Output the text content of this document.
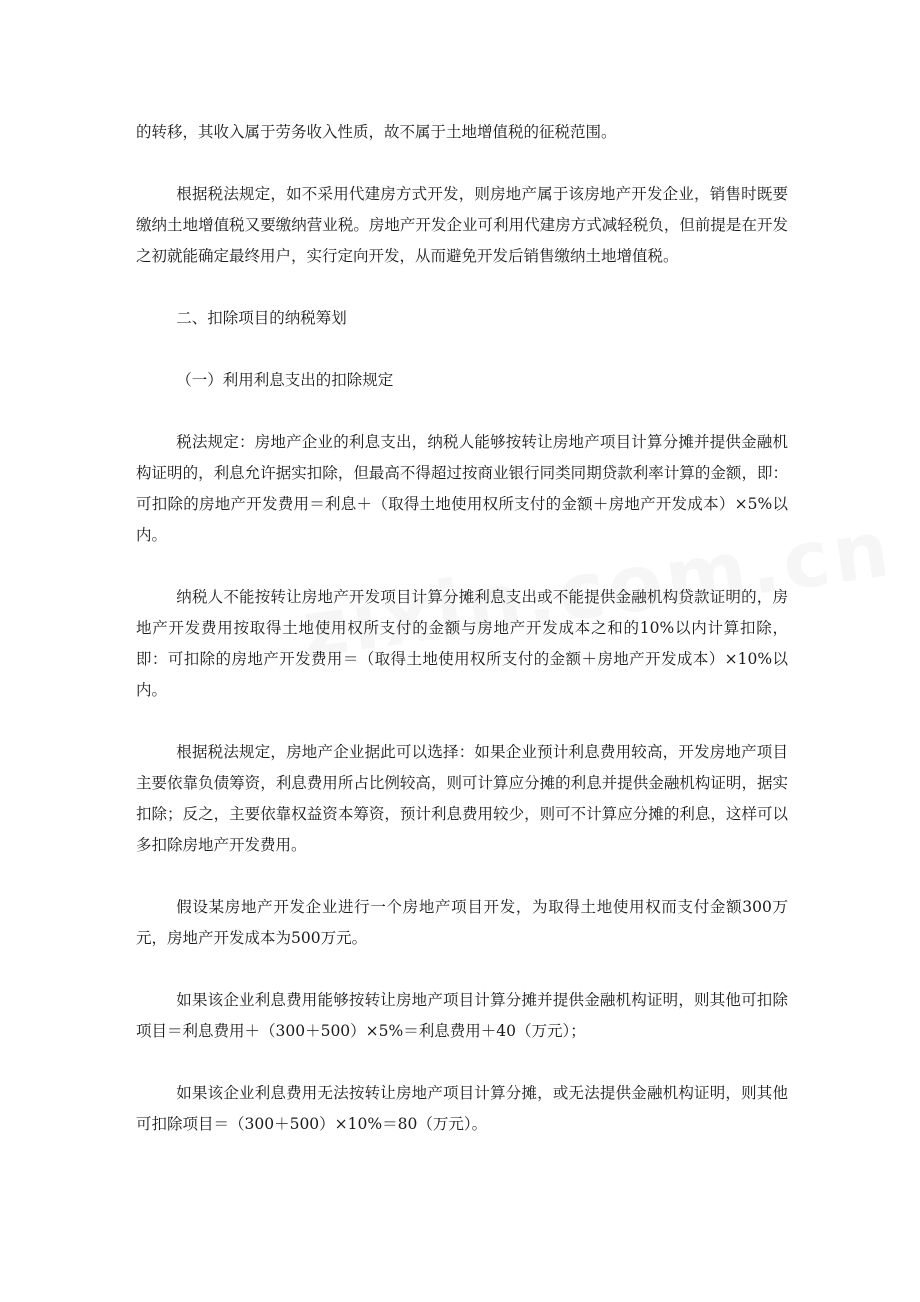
的转移，其收入属于劳务收入性质，故不属于土地增值税的征税范围。

根据税法规定，如不采用代建房方式开发，则房地产属于该房地产开发企业，销售时既要缴纳土地增值税又要缴纳营业税。房地产开发企业可利用代建房方式减轻税负，但前提是在开发之初就能确定最终用户，实行定向开发，从而避免开发后销售缴纳土地增值税。

二、扣除项目的纳税筹划

（一）利用利息支出的扣除规定

税法规定：房地产企业的利息支出，纳税人能够按转让房地产项目计算分摊并提供金融机构证明的，利息允许据实扣除，但最高不得超过按商业银行同类同期贷款利率计算的金额，即：可扣除的房地产开发费用＝利息＋（取得土地使用权所支付的金额＋房地产开发成本）×5%以内。

纳税人不能按转让房地产开发项目计算分摊利息支出或不能提供金融机构贷款证明的，房地产开发费用按取得土地使用权所支付的金额与房地产开发成本之和的10%以内计算扣除，即：可扣除的房地产开发费用＝（取得土地使用权所支付的金额＋房地产开发成本）×10%以内。

根据税法规定，房地产企业据此可以选择：如果企业预计利息费用较高，开发房地产项目主要依靠负债筹资，利息费用所占比例较高，则可计算应分摊的利息并提供金融机构证明，据实扣除；反之，主要依靠权益资本筹资，预计利息费用较少，则可不计算应分摊的利息，这样可以多扣除房地产开发费用。

假设某房地产开发企业进行一个房地产项目开发，为取得土地使用权而支付金额300万元，房地产开发成本为500万元。

如果该企业利息费用能够按转让房地产项目计算分摊并提供金融机构证明，则其他可扣除项目＝利息费用＋（300＋500）×5%＝利息费用＋40（万元）；

如果该企业利息费用无法按转让房地产项目计算分摊，或无法提供金融机构证明，则其他可扣除项目＝（300＋500）×10%＝80（万元）。
